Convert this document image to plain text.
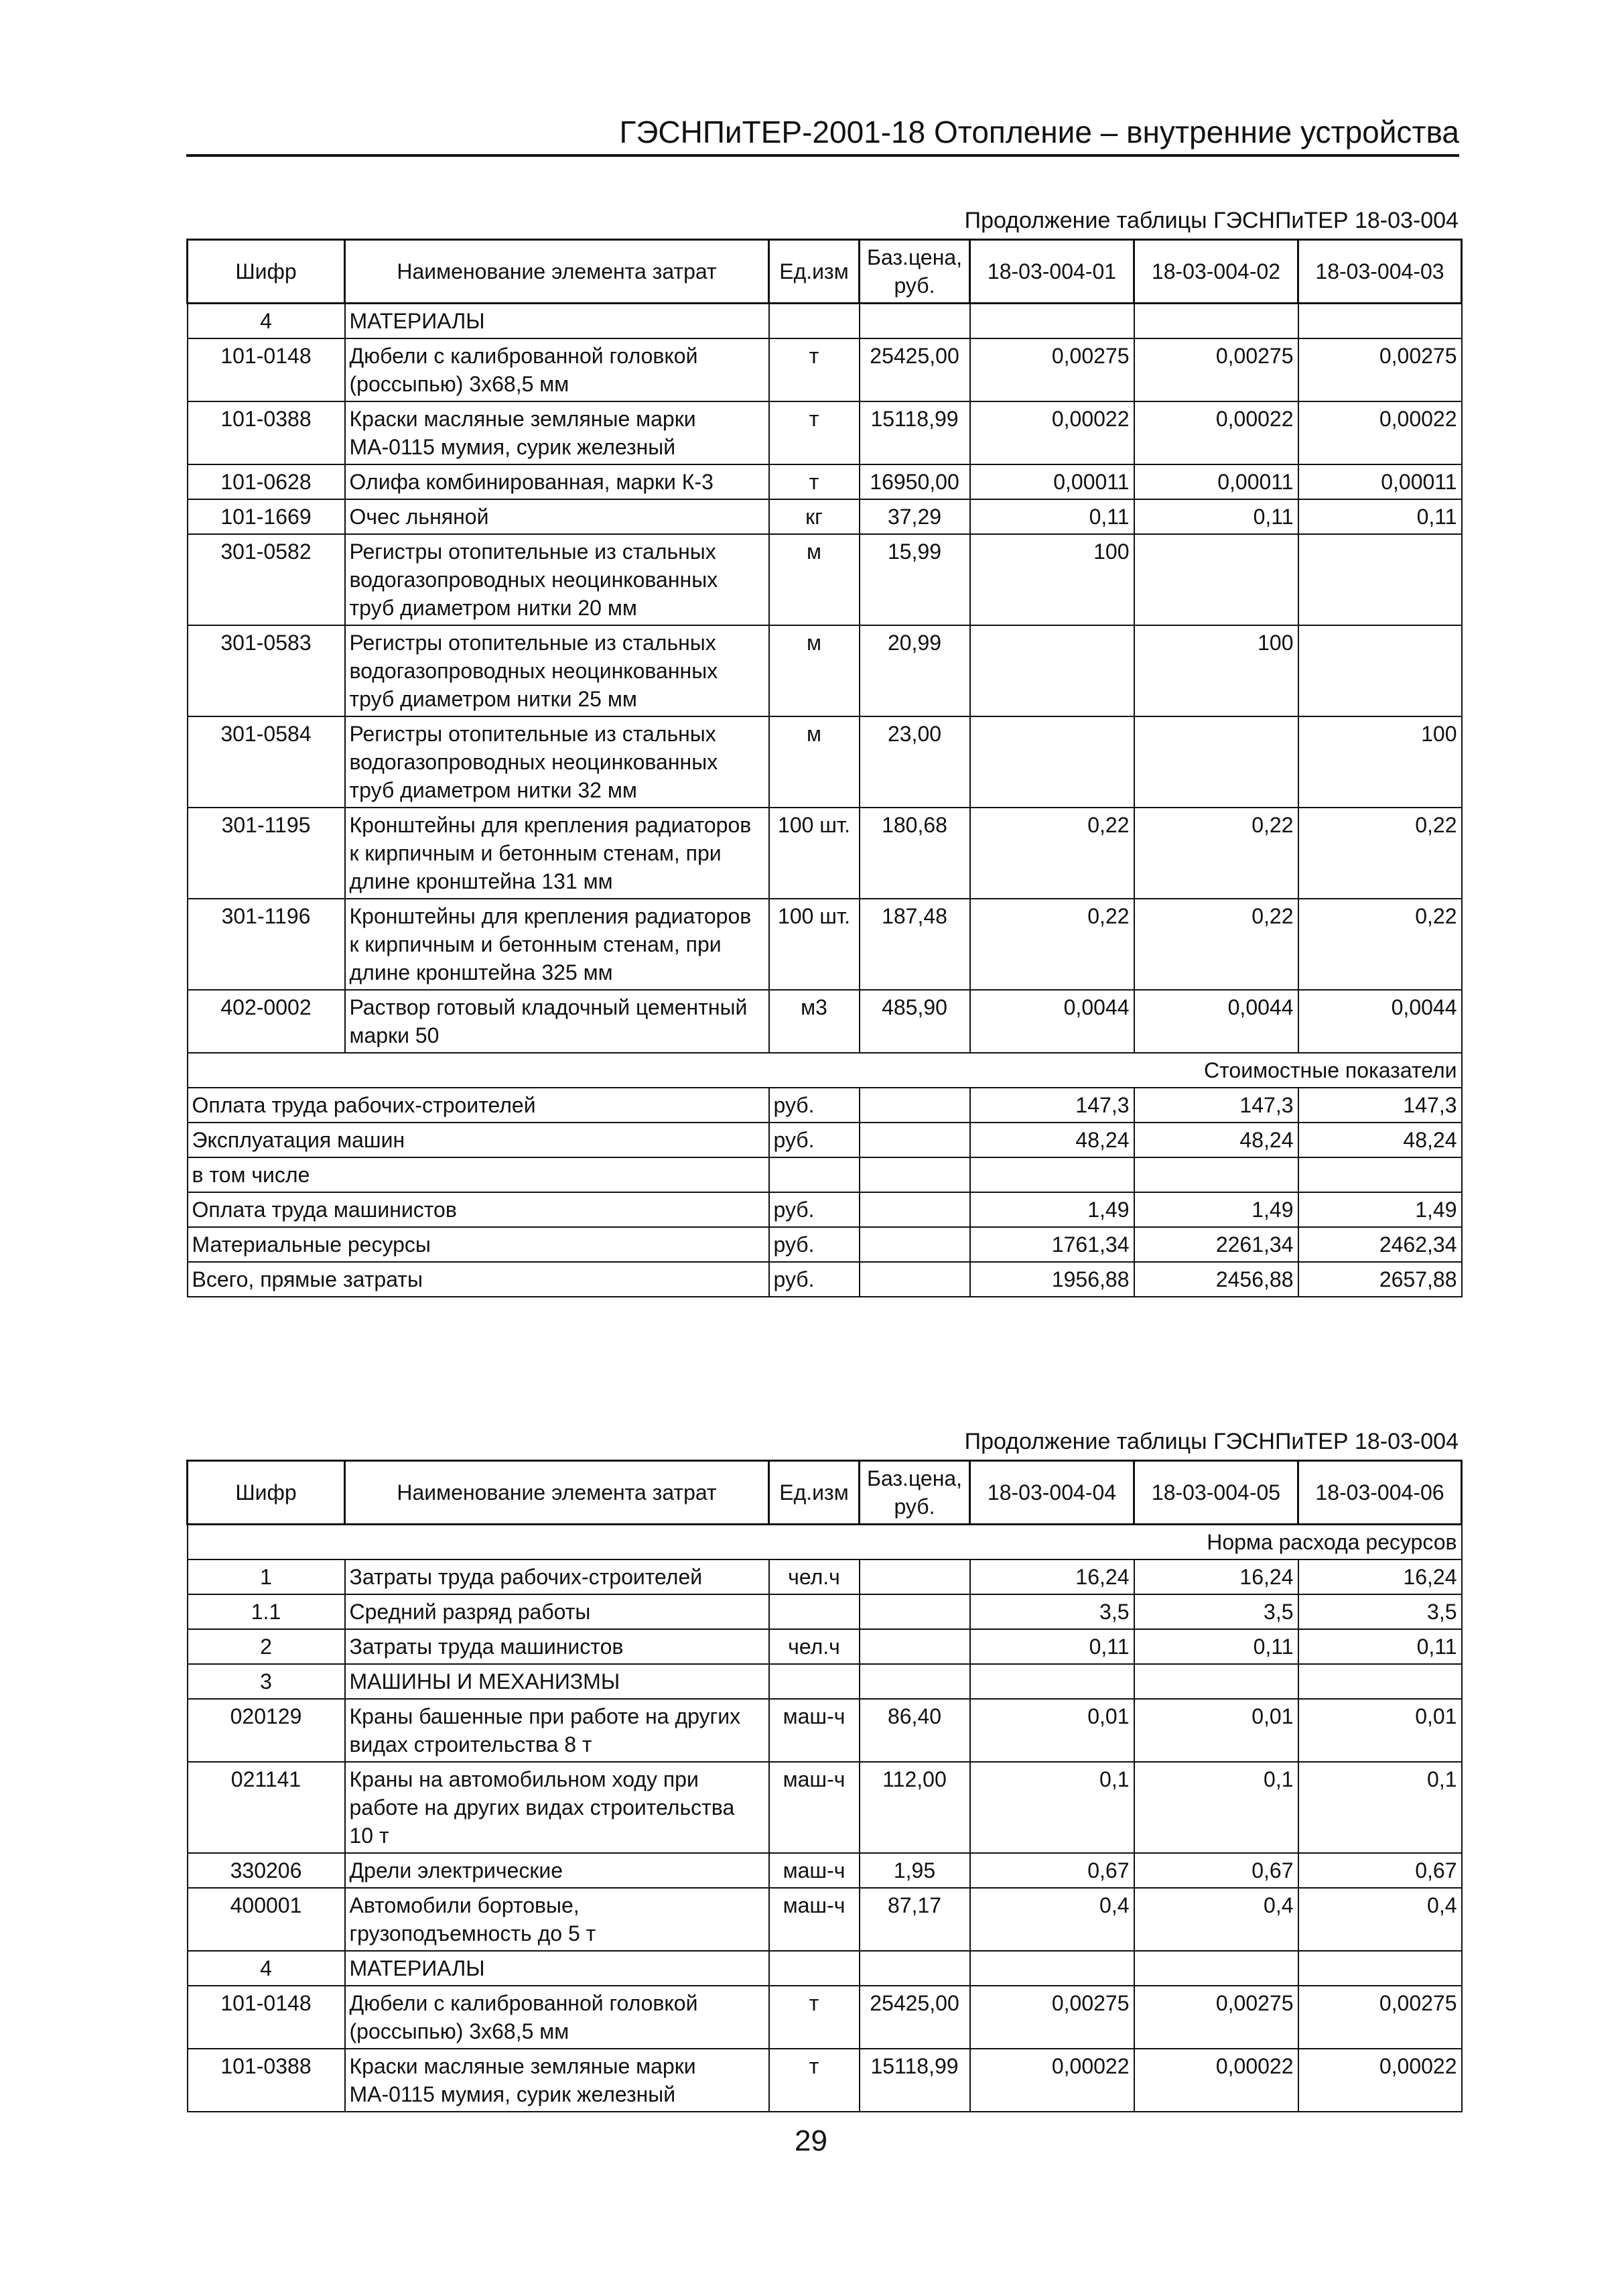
ГЭСНПиТЕР-2001-18 Отопление – внутренние устройства
Продолжение таблицы ГЭСНПиТЕР 18-03-004
Шифр	Наименование элемента затрат	Ед.изм	Баз.цена, руб.	18-03-004-01	18-03-004-02	18-03-004-03
4	МАТЕРИАЛЫ					
101-0148	Дюбели с калиброванной головкой (россыпью) 3х68,5 мм	т	25425,00	0,00275	0,00275	0,00275
101-0388	Краски масляные земляные марки МА-0115 мумия, сурик железный	т	15118,99	0,00022	0,00022	0,00022
101-0628	Олифа комбинированная, марки К-3	т	16950,00	0,00011	0,00011	0,00011
101-1669	Очес льняной	кг	37,29	0,11	0,11	0,11
301-0582	Регистры отопительные из стальных водогазопроводных неоцинкованных труб диаметром нитки 20 мм	м	15,99	100		
301-0583	Регистры отопительные из стальных водогазопроводных неоцинкованных труб диаметром нитки 25 мм	м	20,99		100	
301-0584	Регистры отопительные из стальных водогазопроводных неоцинкованных труб диаметром нитки 32 мм	м	23,00			100
301-1195	Кронштейны для крепления радиаторов к кирпичным и бетонным стенам, при длине кронштейна 131 мм	100 шт.	180,68	0,22	0,22	0,22
301-1196	Кронштейны для крепления радиаторов к кирпичным и бетонным стенам, при длине кронштейна 325 мм	100 шт.	187,48	0,22	0,22	0,22
402-0002	Раствор готовый кладочный цементный марки 50	м3	485,90	0,0044	0,0044	0,0044
Стоимостные показатели						
Оплата труда рабочих-строителей		руб.		147,3	147,3	147,3
Эксплуатация машин		руб.		48,24	48,24	48,24
в том числе						
Оплата труда машинистов		руб.		1,49	1,49	1,49
Материальные ресурсы		руб.		1761,34	2261,34	2462,34
Всего, прямые затраты		руб.		1956,88	2456,88	2657,88
Продолжение таблицы ГЭСНПиТЕР 18-03-004
Шифр	Наименование элемента затрат	Ед.изм	Баз.цена, руб.	18-03-004-04	18-03-004-05	18-03-004-06
Норма расхода ресурсов						
1	Затраты труда рабочих-строителей	чел.ч		16,24	16,24	16,24
1.1	Средний разряд работы			3,5	3,5	3,5
2	Затраты труда машинистов	чел.ч		0,11	0,11	0,11
3	МАШИНЫ И МЕХАНИЗМЫ					
020129	Краны башенные при работе на других видах строительства 8 т	маш-ч	86,40	0,01	0,01	0,01
021141	Краны на автомобильном ходу при работе на других видах строительства 10 т	маш-ч	112,00	0,1	0,1	0,1
330206	Дрели электрические	маш-ч	1,95	0,67	0,67	0,67
400001	Автомобили бортовые, грузоподъемность до 5 т	маш-ч	87,17	0,4	0,4	0,4
4	МАТЕРИАЛЫ					
101-0148	Дюбели с калиброванной головкой (россыпью) 3х68,5 мм	т	25425,00	0,00275	0,00275	0,00275
101-0388	Краски масляные земляные марки МА-0115 мумия, сурик железный	т	15118,99	0,00022	0,00022	0,00022
29
